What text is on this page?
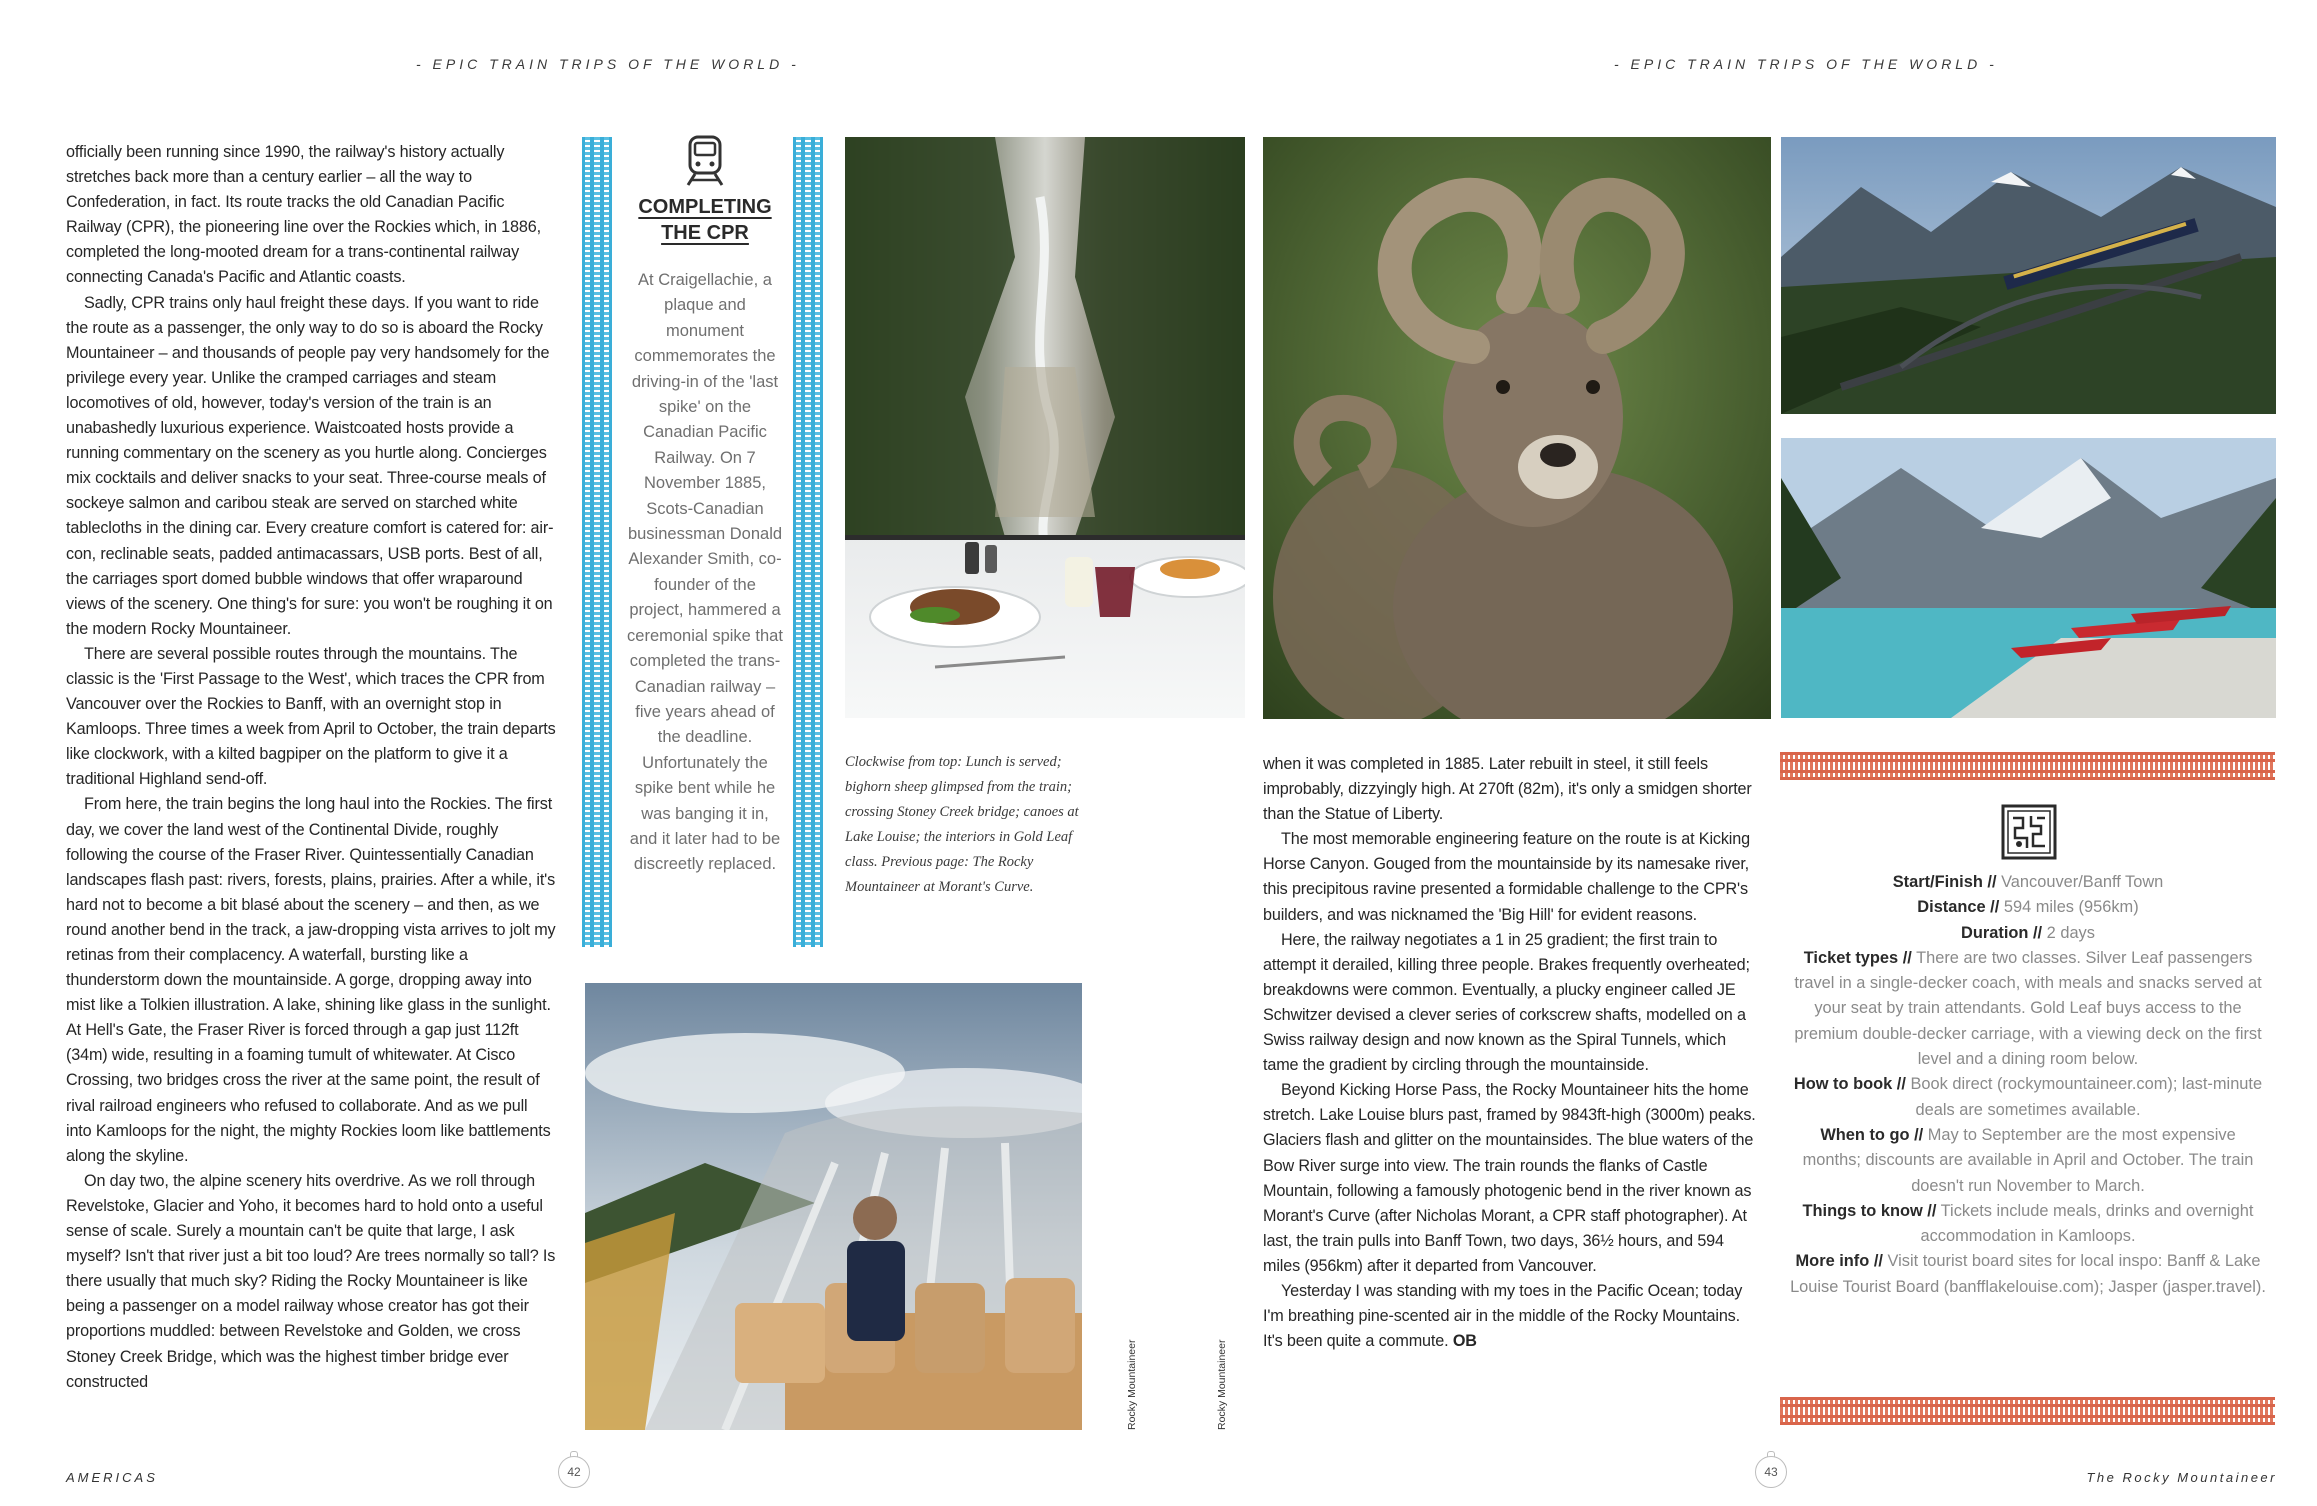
- EPIC TRAIN TRIPS OF THE WORLD -	- EPIC TRAIN TRIPS OF THE WORLD -

officially been running since 1990, the railway's history actually stretches back more than a century earlier – all the way to Confederation, in fact. Its route tracks the old Canadian Pacific Railway (CPR), the pioneering line over the Rockies which, in 1886, completed the long-mooted dream for a trans-continental railway connecting Canada's Pacific and Atlantic coasts.

Sadly, CPR trains only haul freight these days. If you want to ride the route as a passenger, the only way to do so is aboard the Rocky Mountaineer – and thousands of people pay very handsomely for the privilege every year. Unlike the cramped carriages and steam locomotives of old, however, today's version of the train is an unabashedly luxurious experience. Waistcoated hosts provide a running commentary on the scenery as you hurtle along. Concierges mix cocktails and deliver snacks to your seat. Three-course meals of sockeye salmon and caribou steak are served on starched white tablecloths in the dining car. Every creature comfort is catered for: air-con, reclinable seats, padded antimacassars, USB ports. Best of all, the carriages sport domed bubble windows that offer wraparound views of the scenery. One thing's for sure: you won't be roughing it on the modern Rocky Mountaineer.

There are several possible routes through the mountains. The classic is the 'First Passage to the West', which traces the CPR from Vancouver over the Rockies to Banff, with an overnight stop in Kamloops. Three times a week from April to October, the train departs like clockwork, with a kilted bagpiper on the platform to give it a traditional Highland send-off.

From here, the train begins the long haul into the Rockies. The first day, we cover the land west of the Continental Divide, roughly following the course of the Fraser River. Quintessentially Canadian landscapes flash past: rivers, forests, plains, prairies. After a while, it's hard not to become a bit blasé about the scenery – and then, as we round another bend in the track, a jaw-dropping vista arrives to jolt my retinas from their complacency. A waterfall, bursting like a thunderstorm down the mountainside. A gorge, dropping away into mist like a Tolkien illustration. A lake, shining like glass in the sunlight. At Hell's Gate, the Fraser River is forced through a gap just 112ft (34m) wide, resulting in a foaming tumult of whitewater. At Cisco Crossing, two bridges cross the river at the same point, the result of rival railroad engineers who refused to collaborate. And as we pull into Kamloops for the night, the mighty Rockies loom like battlements along the skyline.

On day two, the alpine scenery hits overdrive. As we roll through Revelstoke, Glacier and Yoho, it becomes hard to hold onto a useful sense of scale. Surely a mountain can't be quite that large, I ask myself? Isn't that river just a bit too loud? Are trees normally so tall? Is there usually that much sky? Riding the Rocky Mountaineer is like being a passenger on a model railway whose creator has got their proportions muddled: between Revelstoke and Golden, we cross Stoney Creek Bridge, which was the highest timber bridge ever constructed

COMPLETING
THE CPR
At Craigellachie, a plaque and monument commemorates the driving-in of the 'last spike' on the Canadian Pacific Railway. On 7 November 1885, Scots-Canadian businessman Donald Alexander Smith, co-founder of the project, hammered a ceremonial spike that completed the trans-Canadian railway – five years ahead of the deadline. Unfortunately the spike bent while he was banging it in, and it later had to be discreetly replaced.
Clockwise from top: Lunch is served; bighorn sheep glimpsed from the train; crossing Stoney Creek bridge; canoes at Lake Louise; the interiors in Gold Leaf class. Previous page: The Rocky Mountaineer at Morant's Curve.
Rocky Mountaineer	Rocky Mountaineer

when it was completed in 1885. Later rebuilt in steel, it still feels improbably, dizzyingly high. At 270ft (82m), it's only a smidgen shorter than the Statue of Liberty.

The most memorable engineering feature on the route is at Kicking Horse Canyon. Gouged from the mountainside by its namesake river, this precipitous ravine presented a formidable challenge to the CPR's builders, and was nicknamed the 'Big Hill' for evident reasons.

Here, the railway negotiates a 1 in 25 gradient; the first train to attempt it derailed, killing three people. Brakes frequently overheated; breakdowns were common. Eventually, a plucky engineer called JE Schwitzer devised a clever series of corkscrew shafts, modelled on a Swiss railway design and now known as the Spiral Tunnels, which tame the gradient by circling through the mountainside.

Beyond Kicking Horse Pass, the Rocky Mountaineer hits the home stretch. Lake Louise blurs past, framed by 9843ft-high (3000m) peaks. Glaciers flash and glitter on the mountainsides. The blue waters of the Bow River surge into view. The train rounds the flanks of Castle Mountain, following a famously photogenic bend in the river known as Morant's Curve (after Nicholas Morant, a CPR staff photographer). At last, the train pulls into Banff Town, two days, 36½ hours, and 594 miles (956km) after it departed from Vancouver.

Yesterday I was standing with my toes in the Pacific Ocean; today I'm breathing pine-scented air in the middle of the Rocky Mountains. It's been quite a commute. OB

Start/Finish // Vancouver/Banff Town

Distance // 594 miles (956km)

Duration // 2 days

Ticket types // There are two classes. Silver Leaf passengers travel in a single-decker coach, with meals and snacks served at your seat by train attendants. Gold Leaf buys access to the premium double-decker carriage, with a viewing deck on the first level and a dining room below.

How to book // Book direct (rockymountaineer.com); last-minute deals are sometimes available.

When to go // May to September are the most expensive months; discounts are available in April and October. The train doesn't run November to March.

Things to know // Tickets include meals, drinks and overnight accommodation in Kamloops.

More info // Visit tourist board sites for local inspo: Banff & Lake Louise Tourist Board (banfflakelouise.com); Jasper (jasper.travel).

AMERICAS	42	43	The Rocky Mountaineer
